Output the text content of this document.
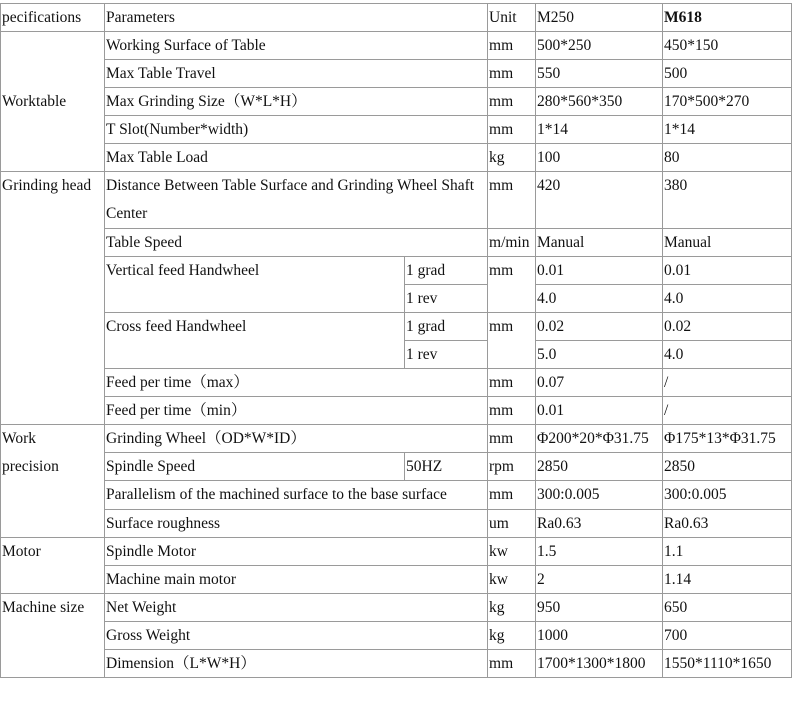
pecifications	Parameters		Unit	M250	M618
Worktable	Working Surface of Table		mm	500*250	450*150
	Max Table Travel		mm	550	500
	Max Grinding Size（W*L*H）		mm	280*560*350	170*500*270
	T Slot(Number*width)		mm	1*14	1*14
	Max Table Load		kg	100	80
Grinding head	Distance Between Table Surface and Grinding Wheel Shaft Center		mm	420	380
	Table Speed		m/min	Manual	Manual
	Vertical feed Handwheel	1 grad	mm	0.01	0.01
		1 rev		4.0	4.0
	Cross feed Handwheel	1 grad	mm	0.02	0.02
		1 rev		5.0	4.0
	Feed per time（max）		mm	0.07	/
	Feed per time（min）		mm	0.01	/
Work
precision	Grinding Wheel（OD*W*ID）		mm	Φ200*20*Φ31.75	Φ175*13*Φ31.75
	Spindle Speed	50HZ	rpm	2850	2850
	Parallelism of the machined surface to the base surface		mm	300:0.005	300:0.005
	Surface roughness		um	Ra0.63	Ra0.63
Motor	Spindle Motor		kw	1.5	1.1
	Machine main motor		kw	2	1.14
Machine size	Net Weight		kg	950	650
	Gross Weight		kg	1000	700
	Dimension（L*W*H）		mm	1700*1300*1800	1550*1110*1650
